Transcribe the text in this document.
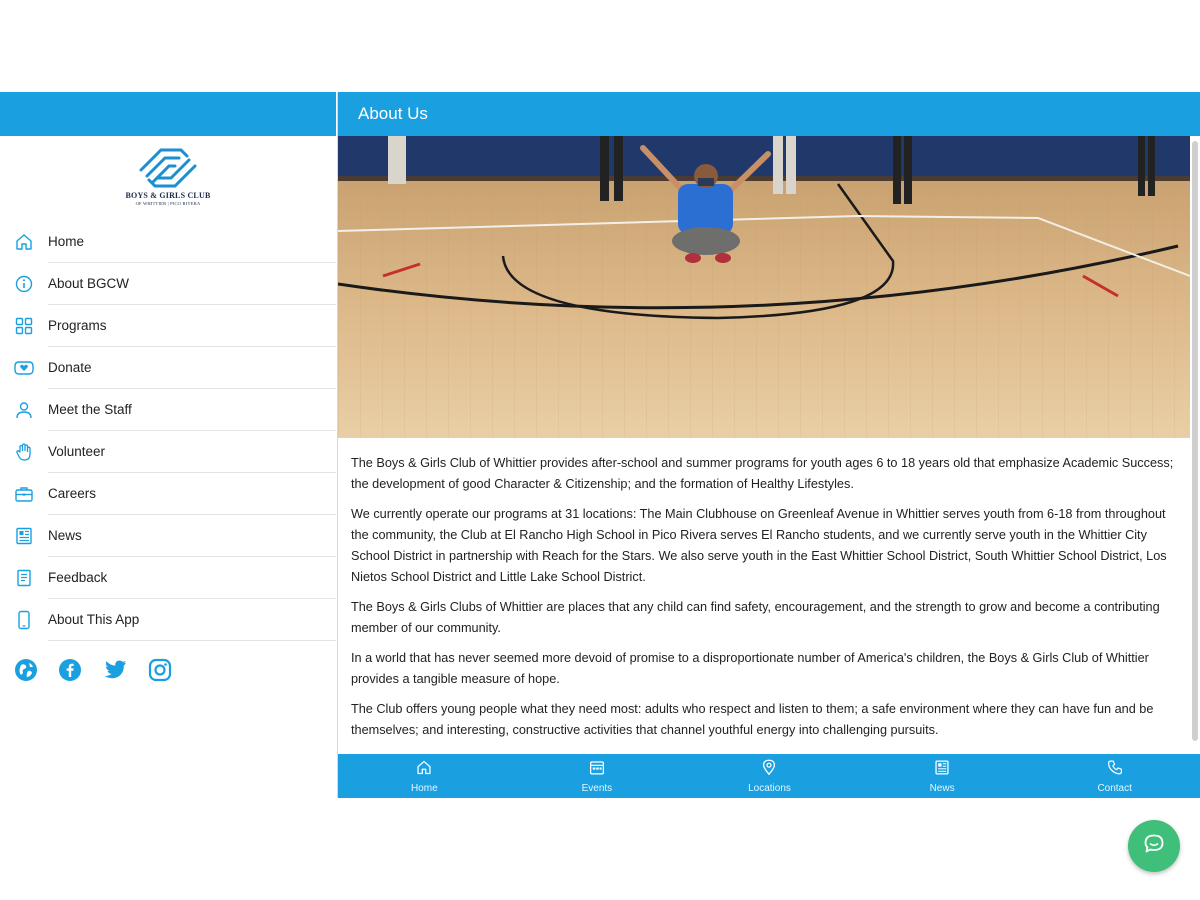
BOYS & GIRLS CLUB
OF WHITTIER | PICO RIVERA
Home
About BGCW
Programs
Donate
Meet the Staff
Volunteer
Careers
News
Feedback
About This App
About Us

The Boys & Girls Club of Whittier provides after-school and summer programs for youth ages 6 to 18 years old that emphasize Academic Success; the development of good Character & Citizenship; and the formation of Healthy Lifestyles.

We currently operate our programs at 31 locations: The Main Clubhouse on Greenleaf Avenue in Whittier serves youth from 6-18 from throughout the community, the Club at El Rancho High School in Pico Rivera serves El Rancho students, and we currently serve youth in the Whittier City School District in partnership with Reach for the Stars. We also serve youth in the East Whittier School District, South Whittier School District, Los Nietos School District and Little Lake School District.

The Boys & Girls Clubs of Whittier are places that any child can find safety, encouragement, and the strength to grow and become a contributing member of our community.

In a world that has never seemed more devoid of promise to a disproportionate number of America's children, the Boys & Girls Club of Whittier provides a tangible measure of hope.

The Club offers young people what they need most: adults who respect and listen to them; a safe environment where they can have fun and be themselves; and interesting, constructive activities that channel youthful energy into challenging pursuits.

Home	Events	Locations	News	Contact
